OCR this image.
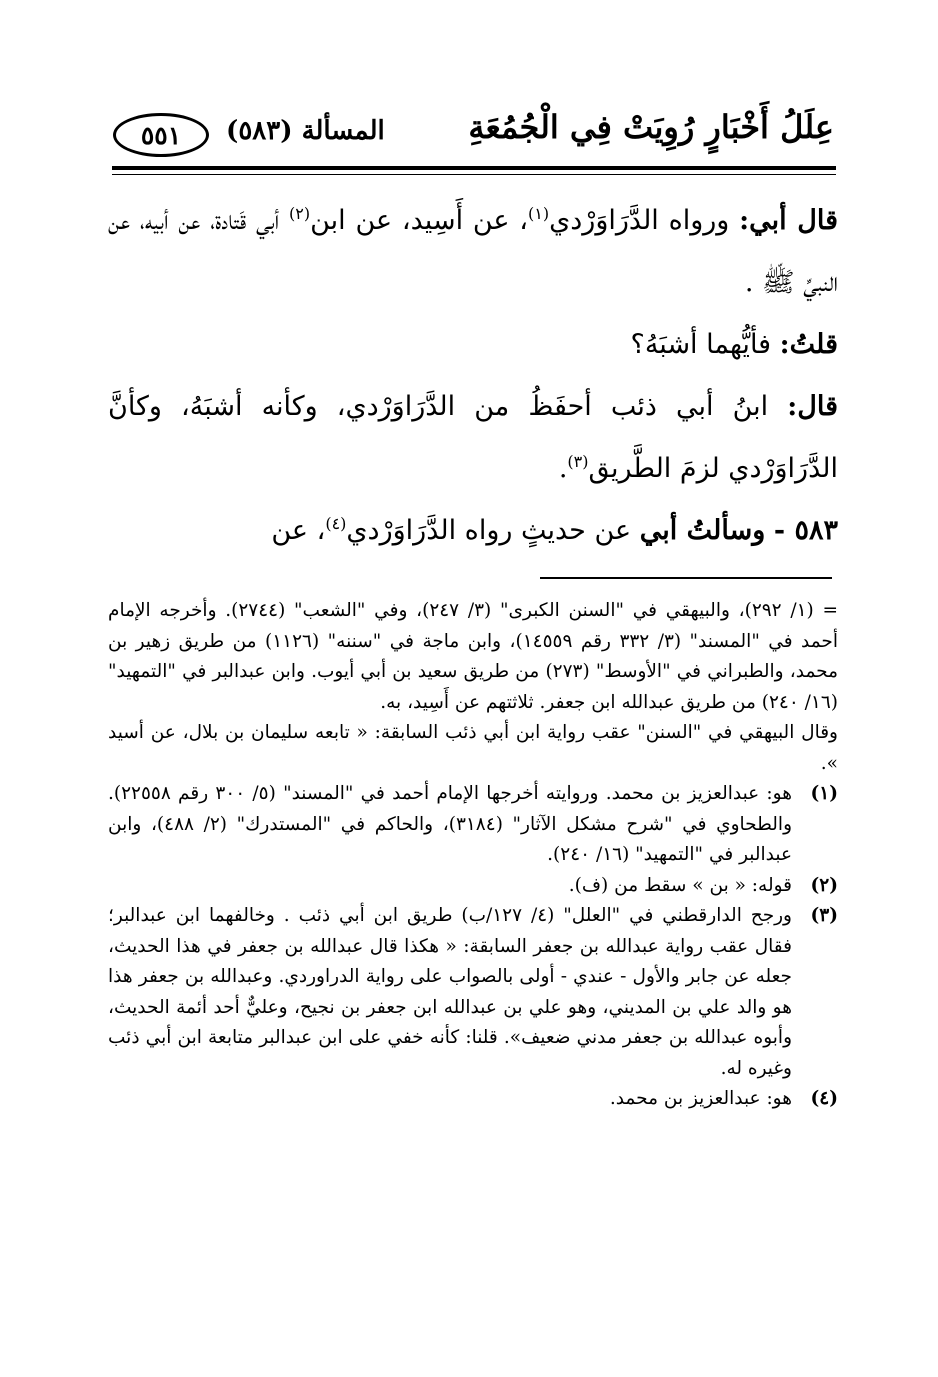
عِلَلُ أَخْبَارٍ رُوِيَتْ فِي الْجُمُعَةِ
المسألة (٥٨٣)
٥٥١

قال أبي: ورواه الدَّرَاوَرْدي$^{(١)}$، عن أَسِيد، عن ابن$^{(٢)}$ أبي قَتادة، عن أبيه، عن النبيِّ ﷺ .

قلتُ: فأيُّهما أشبَهُ؟

قال: ابنُ أبي ذئب أحفَظُ من الدَّرَاوَرْدي، وكأنه أشبَهُ، وكأنَّ الدَّرَاوَرْدي لزمَ الطَّريق$^{(٣)}$.

٥٨٣ - وسألتُ أبي عن حديثٍ رواه الدَّرَاوَرْدي$^{(٤)}$، عن

= (١/ ٢٩٢)، والبيهقي في "السنن الكبرى" (٣/ ٢٤٧)، وفي "الشعب" (٢٧٤٤). وأخرجه الإمام أحمد في "المسند" (٣/ ٣٣٢ رقم ١٤٥٥٩)، وابن ماجة في "سننه" (١١٢٦) من طريق زهير بن محمد، والطبراني في "الأوسط" (٢٧٣) من طريق سعيد بن أبي أيوب. وابن عبدالبر في "التمهيد" (١٦/ ٢٤٠) من طريق عبدالله ابن جعفر. ثلاثتهم عن أَسِيد، به.

وقال البيهقي في "السنن" عقب رواية ابن أبي ذئب السابقة: « تابعه سليمان بن بلال، عن أسيد ».

(١)
هو: عبدالعزيز بن محمد. وروايته أخرجها الإمام أحمد في "المسند" (٥/ ٣٠٠ رقم ٢٢٥٥٨). والطحاوي في "شرح مشكل الآثار" (٣١٨٤)، والحاكم في "المستدرك" (٢/ ٤٨٨)، وابن عبدالبر في "التمهيد" (١٦/ ٢٤٠).
(٢)
قوله: « بن » سقط من (ف).
(٣)
ورجح الدارقطني في "العلل" (٤/ ١٢٧/ب) طريق ابن أبي ذئب . وخالفهما ابن عبدالبر؛ فقال عقب رواية عبدالله بن جعفر السابقة: « هكذا قال عبدالله بن جعفر في هذا الحديث، جعله عن جابر والأول - عندي - أولى بالصواب على رواية الدراوردي. وعبدالله بن جعفر هذا هو والد علي بن المديني، وهو علي بن عبدالله ابن جعفر بن نجيح، وعليٌّ أحد أئمة الحديث، وأبوه عبدالله بن جعفر مدني ضعيف». قلنا: كأنه خفي على ابن عبدالبر متابعة ابن أبي ذئب وغيره له.
(٤)
هو: عبدالعزيز بن محمد.
